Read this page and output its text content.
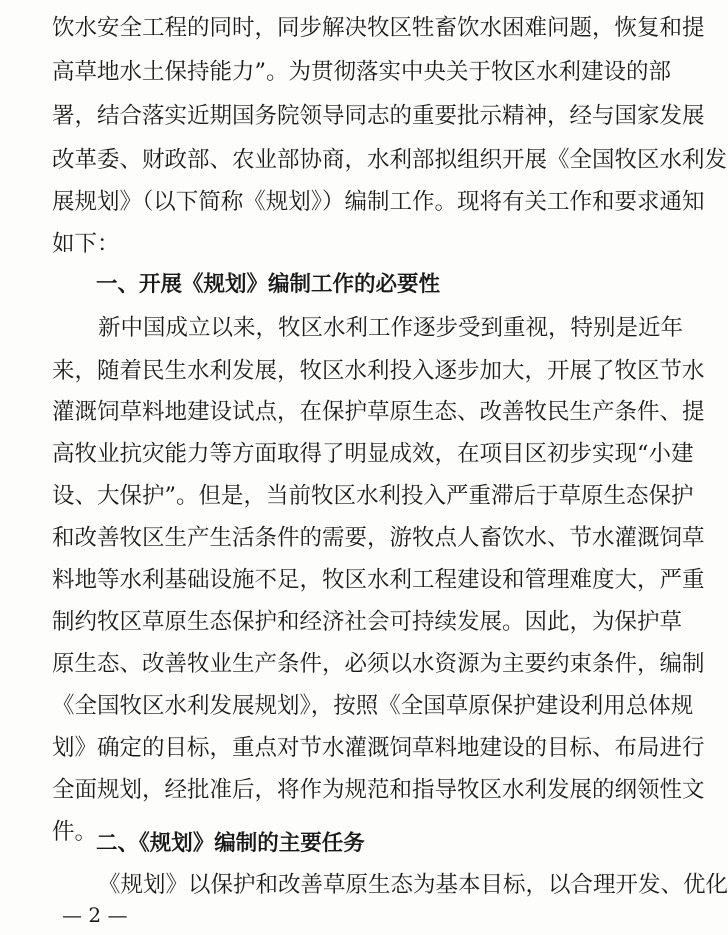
饮水安全工程的同时，同步解决牧区牲畜饮水困难问题，恢复和提
高草地水土保持能力”。为贯彻落实中央关于牧区水利建设的部
署，结合落实近期国务院领导同志的重要批示精神，经与国家发展
改革委、财政部、农业部协商，水利部拟组织开展《全国牧区水利发
展规划》（以下简称《规划》）编制工作。现将有关工作和要求通知
如下：
一、开展《规划》编制工作的必要性
新中国成立以来，牧区水利工作逐步受到重视，特别是近年
来，随着民生水利发展，牧区水利投入逐步加大，开展了牧区节水
灌溉饲草料地建设试点，在保护草原生态、改善牧民生产条件、提
高牧业抗灾能力等方面取得了明显成效，在项目区初步实现“小建
设、大保护”。但是，当前牧区水利投入严重滞后于草原生态保护
和改善牧区生产生活条件的需要，游牧点人畜饮水、节水灌溉饲草
料地等水利基础设施不足，牧区水利工程建设和管理难度大，严重
制约牧区草原生态保护和经济社会可持续发展。因此，为保护草
原生态、改善牧业生产条件，必须以水资源为主要约束条件，编制
《全国牧区水利发展规划》，按照《全国草原保护建设利用总体规
划》确定的目标，重点对节水灌溉饲草料地建设的目标、布局进行
全面规划，经批准后，将作为规范和指导牧区水利发展的纲领性文
件。
二、《规划》编制的主要任务
《规划》以保护和改善草原生态为基本目标，以合理开发、优化
— 2 —
